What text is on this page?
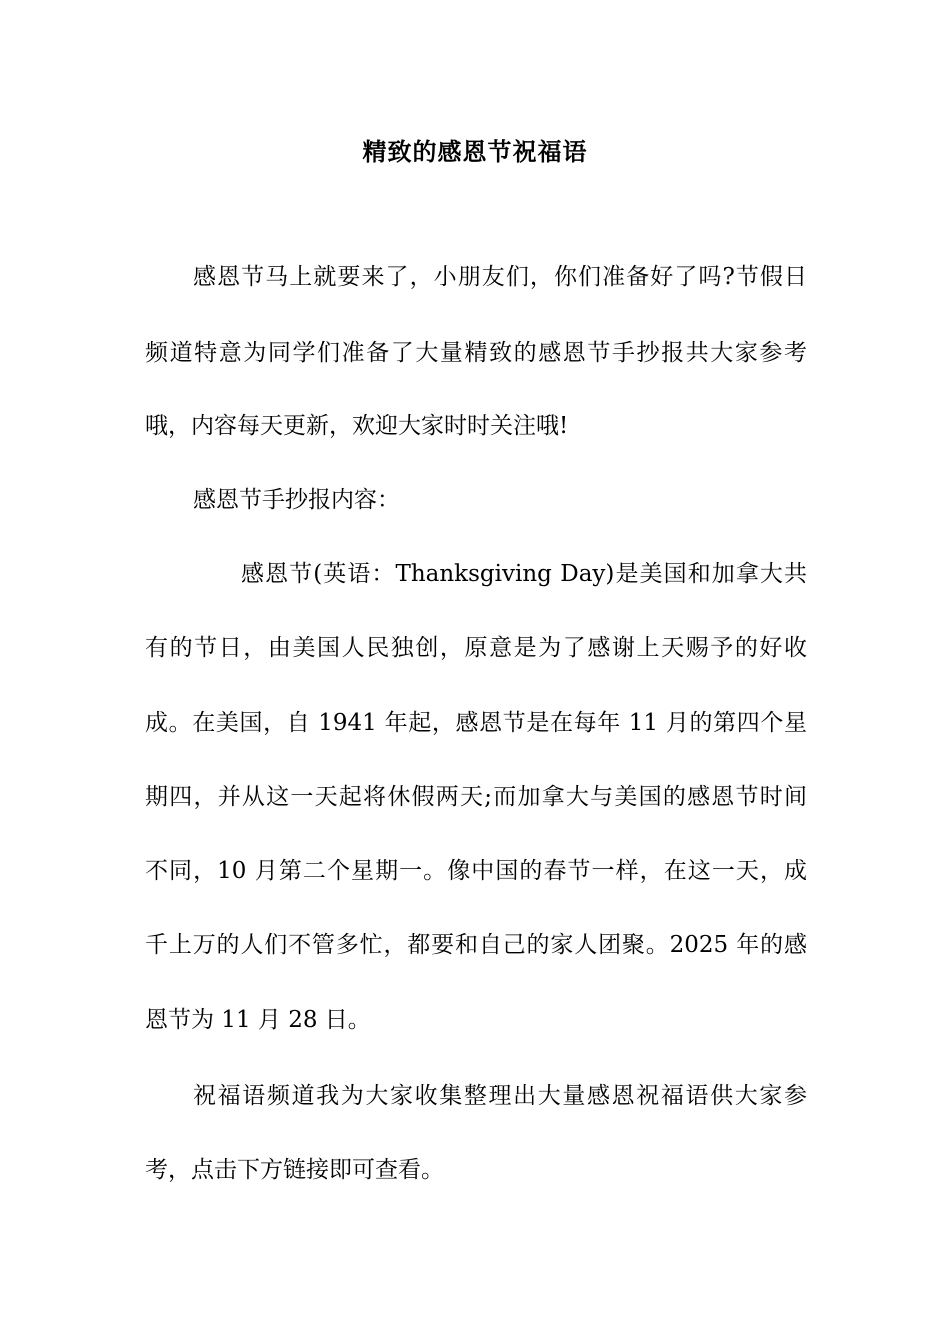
精致的感恩节祝福语
感恩节马上就要来了，小朋友们，你们准备好了吗?节假日
频道特意为同学们准备了大量精致的感恩节手抄报共大家参考
哦，内容每天更新，欢迎大家时时关注哦!
感恩节手抄报内容：
感恩节(英语：Thanksgiving Day)是美国和加拿大共
有的节日，由美国人民独创，原意是为了感谢上天赐予的好收
成。在美国，自 1941 年起，感恩节是在每年 11 月的第四个星
期四，并从这一天起将休假两天;而加拿大与美国的感恩节时间
不同，10 月第二个星期一。像中国的春节一样，在这一天，成
千上万的人们不管多忙，都要和自己的家人团聚。2025 年的感
恩节为 11 月 28 日。
祝福语频道我为大家收集整理出大量感恩祝福语供大家参
考，点击下方链接即可查看。
